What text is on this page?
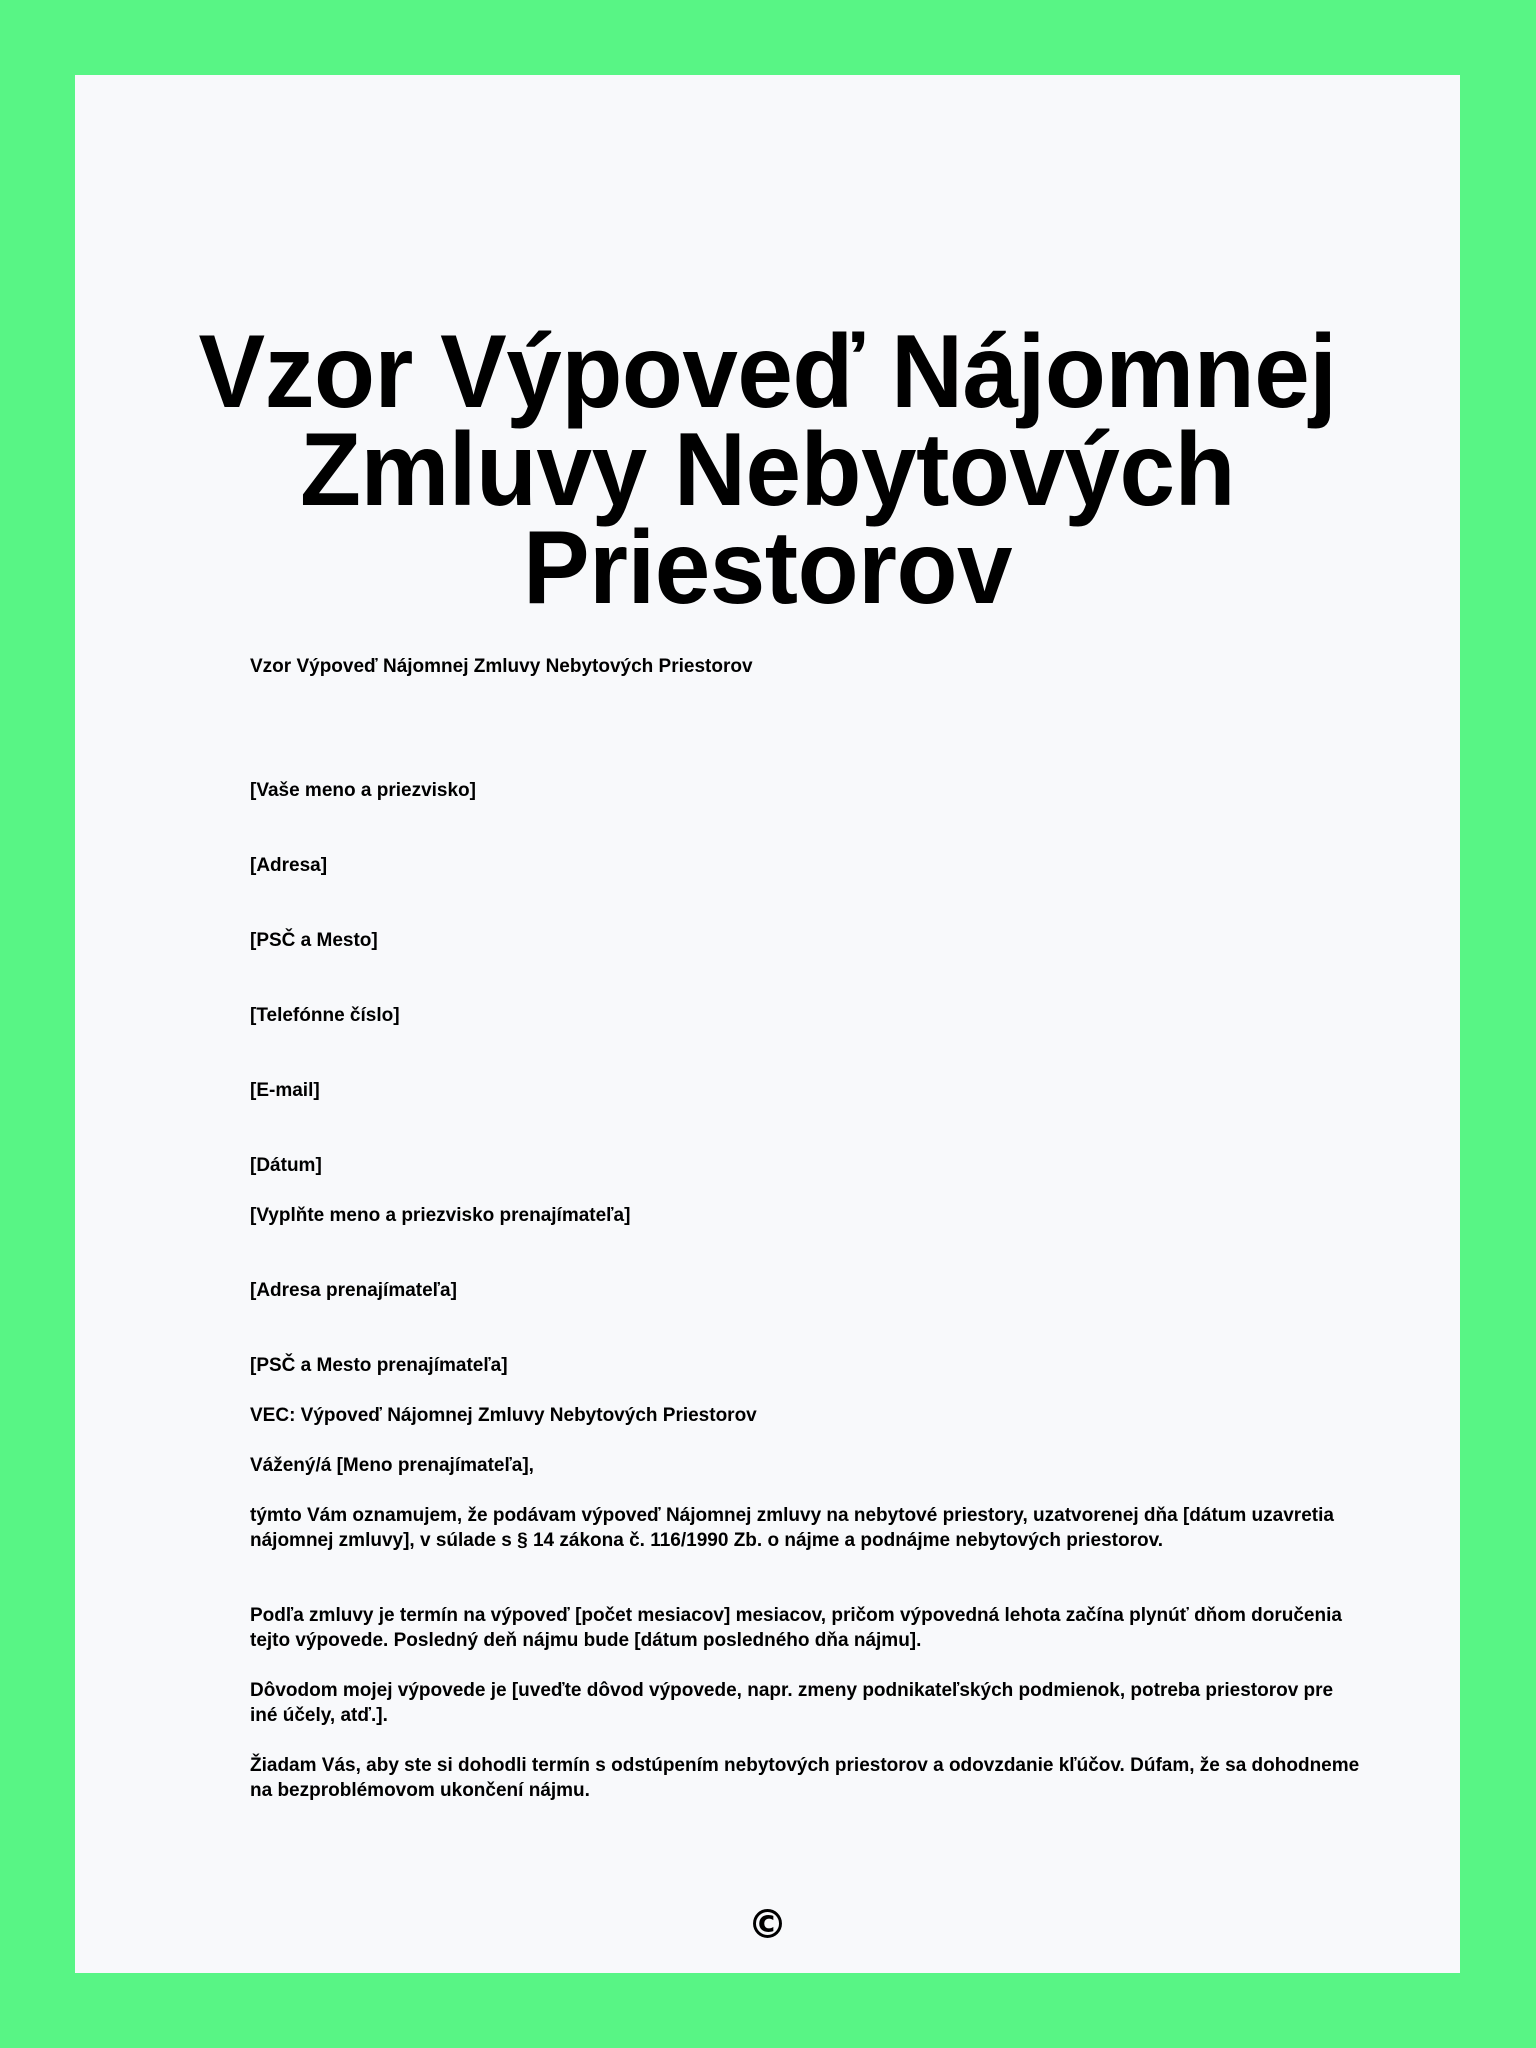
Vzor Výpoveď Nájomnej
Zmluvy Nebytových
Priestorov

Vzor Výpoveď Nájomnej Zmluvy Nebytových Priestorov

[Vaše meno a priezvisko]

[Adresa]

[PSČ a Mesto]

[Telefónne číslo]

[E-mail]

[Dátum]

[Vyplňte meno a priezvisko prenajímateľa]

[Adresa prenajímateľa]

[PSČ a Mesto prenajímateľa]

VEC: Výpoveď Nájomnej Zmluvy Nebytových Priestorov

Vážený/á [Meno prenajímateľa],

týmto Vám oznamujem, že podávam výpoveď Nájomnej zmluvy na nebytové priestory, uzatvorenej dňa [dátum uzavretia nájomnej zmluvy], v súlade s § 14 zákona č. 116/1990 Zb. o nájme a podnájme nebytových priestorov.

Podľa zmluvy je termín na výpoveď [počet mesiacov] mesiacov, pričom výpovedná lehota začína plynúť dňom doručenia tejto výpovede. Posledný deň nájmu bude [dátum posledného dňa nájmu].

Dôvodom mojej výpovede je [uveďte dôvod výpovede, napr. zmeny podnikateľských podmienok, potreba priestorov pre iné účely, atď.].

Žiadam Vás, aby ste si dohodli termín s odstúpením nebytových priestorov a odovzdanie kľúčov. Dúfam, že sa dohodneme na bezproblémovom ukončení nájmu.

©
